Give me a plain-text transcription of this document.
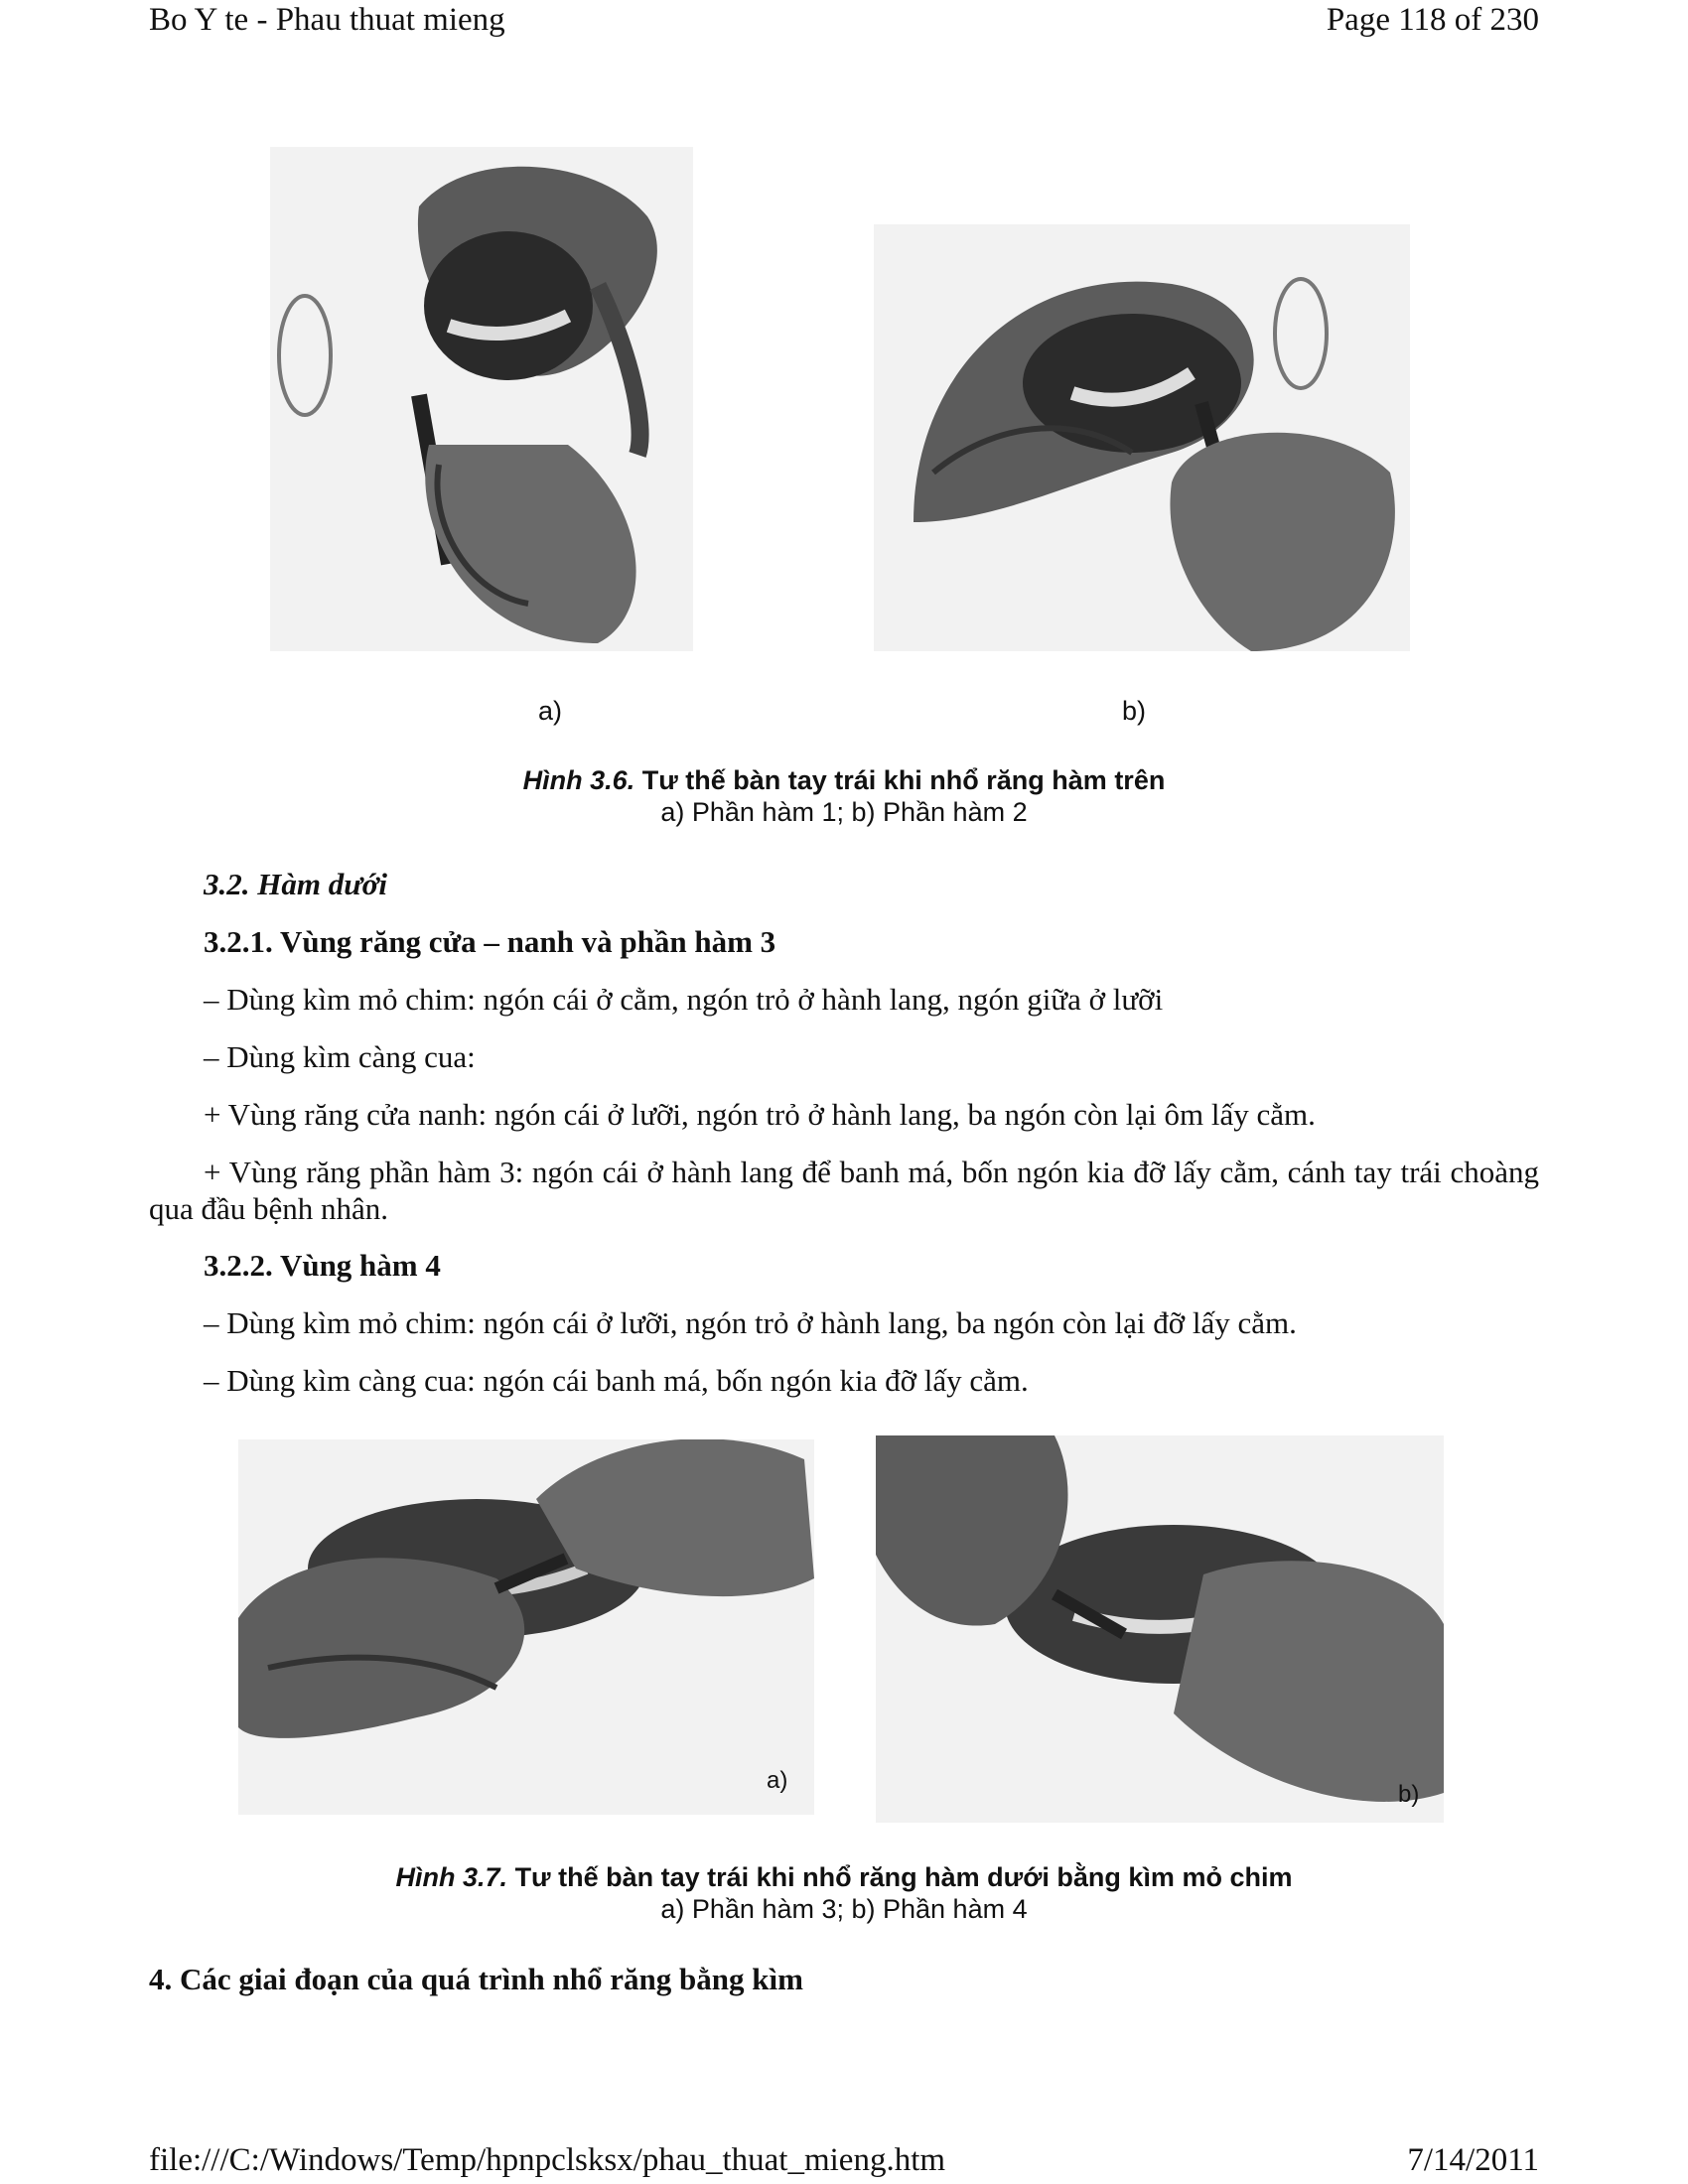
Bo Y te - Phau thuat mieng	Page 118 of 230
a)	b)
Hình 3.6. Tư thế bàn tay trái khi nhổ răng hàm trên
a) Phần hàm 1; b) Phần hàm 2
3.2. Hàm dưới
3.2.1. Vùng răng cửa – nanh và phần hàm 3
– Dùng kìm mỏ chim: ngón cái ở cằm, ngón trỏ ở hành lang, ngón giữa ở lưỡi
– Dùng kìm càng cua:
+ Vùng răng cửa nanh: ngón cái ở lưỡi, ngón trỏ ở hành lang, ba ngón còn lại ôm lấy cằm.
+ Vùng răng phần hàm 3: ngón cái ở hành lang để banh má, bốn ngón kia đỡ lấy cằm, cánh tay trái choàng qua đầu bệnh nhân.
3.2.2. Vùng hàm 4
– Dùng kìm mỏ chim: ngón cái ở lưỡi, ngón trỏ ở hành lang, ba ngón còn lại đỡ lấy cằm.
– Dùng kìm càng cua: ngón cái banh má, bốn ngón kia đỡ lấy cằm.
a)
b)
Hình 3.7. Tư thế bàn tay trái khi nhổ răng hàm dưới bằng kìm mỏ chim
a) Phần hàm 3; b) Phần hàm 4
4. Các giai đoạn của quá trình nhổ răng bằng kìm
file:///C:/Windows/Temp/hpnpclsksx/phau_thuat_mieng.htm	7/14/2011
